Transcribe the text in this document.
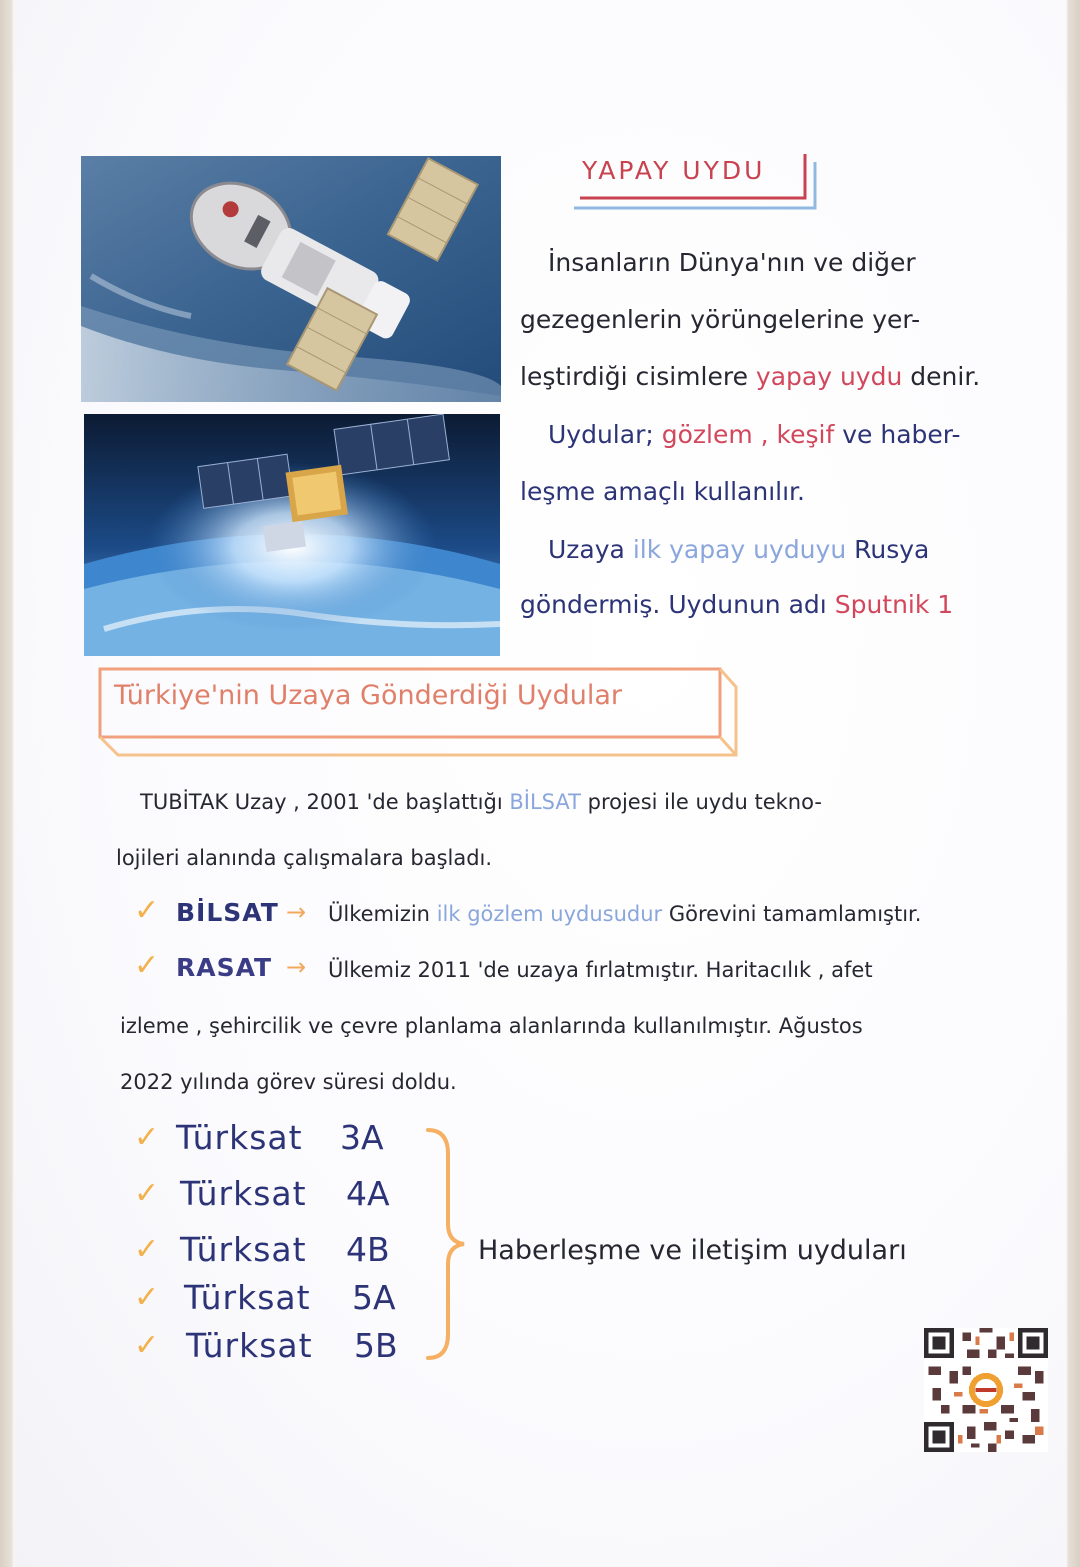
YAPAY UYDU
İnsanların Dünya'nın ve diğer
gezegenlerin yörüngelerine yer-
leştirdiği cisimlere yapay uydu denir.
Uydular; gözlem , keşif ve haber-
leşme amaçlı kullanılır.
Uzaya ilk yapay uyduyu Rusya
göndermiş. Uydunun adı Sputnik 1
Türkiye'nin Uzaya Gönderdiği Uydular
TUBİTAK Uzay , 2001 'de başlattığı BİLSAT projesi ile uydu tekno-
lojileri alanında çalışmalara başladı.
✓ BİLSAT → Ülkemizin ilk gözlem uydusudur Görevini tamamlamıştır.
✓ RASAT → Ülkemiz 2011 'de uzaya fırlatmıştır. Haritacılık , afet
izleme , şehircilik ve çevre planlama alanlarında kullanılmıştır. Ağustos
2022 yılında görev süresi doldu.
✓ Türksat 3A
✓ Türksat 4A
✓ Türksat 4B
✓ Türksat 5A
✓ Türksat 5B
Haberleşme ve iletişim uyduları
